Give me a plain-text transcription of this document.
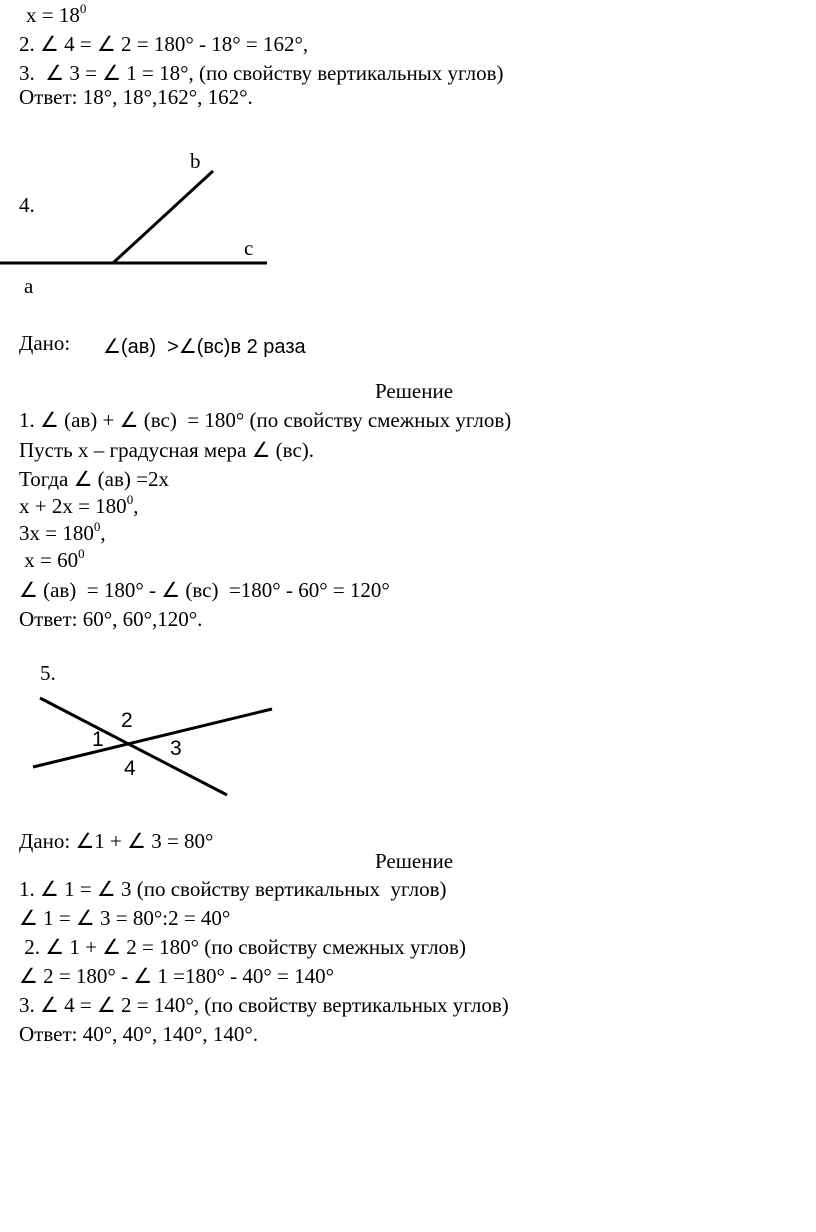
$x = 18^0$
2. ∠ 4 = ∠ 2 = 180° - 18° = 162°,
3.  ∠ 3 = ∠ 1 = 18°, (по свойству вертикальных углов)
Ответ: 18°, 18°,162°, 162°.
4.
b
c
a
Дано: ∠(ав)  >∠(вс)в 2 раза
Решение
1. ∠ (ав) + ∠ (вс)  = 180° (по свойству смежных углов)
Пусть х – градусная мера ∠ (вс).
Тогда ∠ (ав) =2х
$х + 2х = 180^0$,
$3х = 180^0$,
$х = 60^0$
∠ (ав)  = 180° - ∠ (вс)  =180° - 60° = 120°
Ответ: 60°, 60°,120°.
5.
2
1	3
4
Дано: ∠1 + ∠ 3 = 80°
Решение
1. ∠ 1 = ∠ 3 (по свойству вертикальных  углов)
∠ 1 = ∠ 3 = 80°:2 = 40°
2. ∠ 1 + ∠ 2 = 180° (по свойству смежных углов)
∠ 2 = 180° - ∠ 1 =180° - 40° = 140°
3. ∠ 4 = ∠ 2 = 140°, (по свойству вертикальных углов)
Ответ: 40°, 40°, 140°, 140°.
